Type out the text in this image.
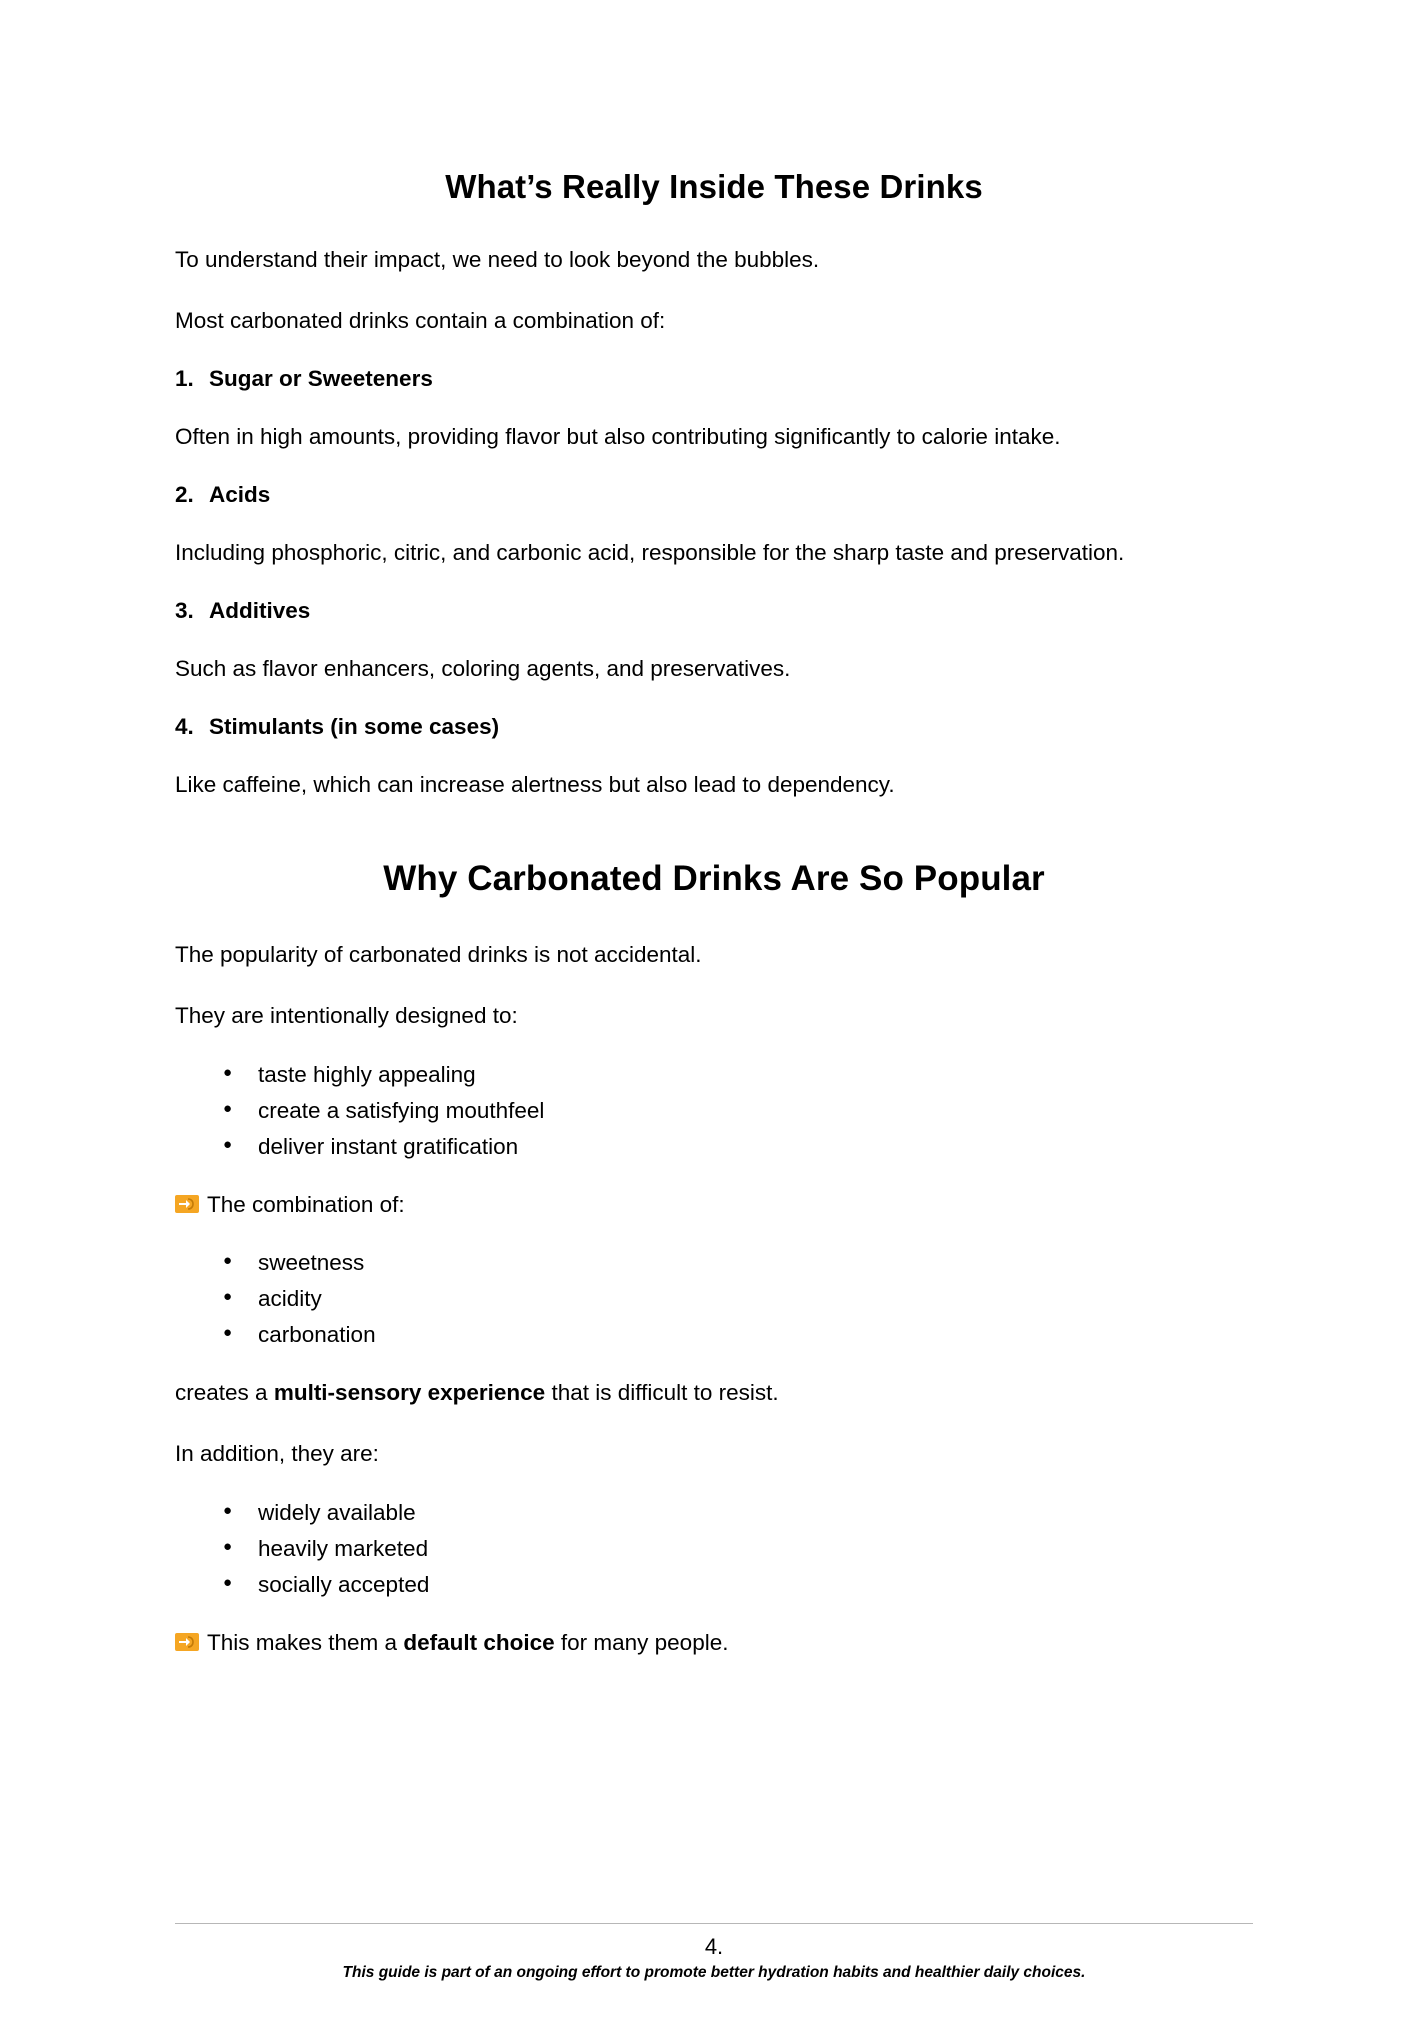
What’s Really Inside These Drinks

To understand their impact, we need to look beyond the bubbles.

Most carbonated drinks contain a combination of:

1. Sugar or Sweeteners

Often in high amounts, providing flavor but also contributing significantly to calorie intake.

2. Acids

Including phosphoric, citric, and carbonic acid, responsible for the sharp taste and preservation.

3. Additives

Such as flavor enhancers, coloring agents, and preservatives.

4. Stimulants (in some cases)

Like caffeine, which can increase alertness but also lead to dependency.

Why Carbonated Drinks Are So Popular

The popularity of carbonated drinks is not accidental.

They are intentionally designed to:

● taste highly appealing
● create a satisfying mouthfeel
● deliver instant gratification
The combination of:
● sweetness
● acidity
● carbonation

creates a multi-sensory experience that is difficult to resist.

In addition, they are:

● widely available
● heavily marketed
● socially accepted
This makes them a default choice for many people.
4.
This guide is part of an ongoing effort to promote better hydration habits and healthier daily choices.
